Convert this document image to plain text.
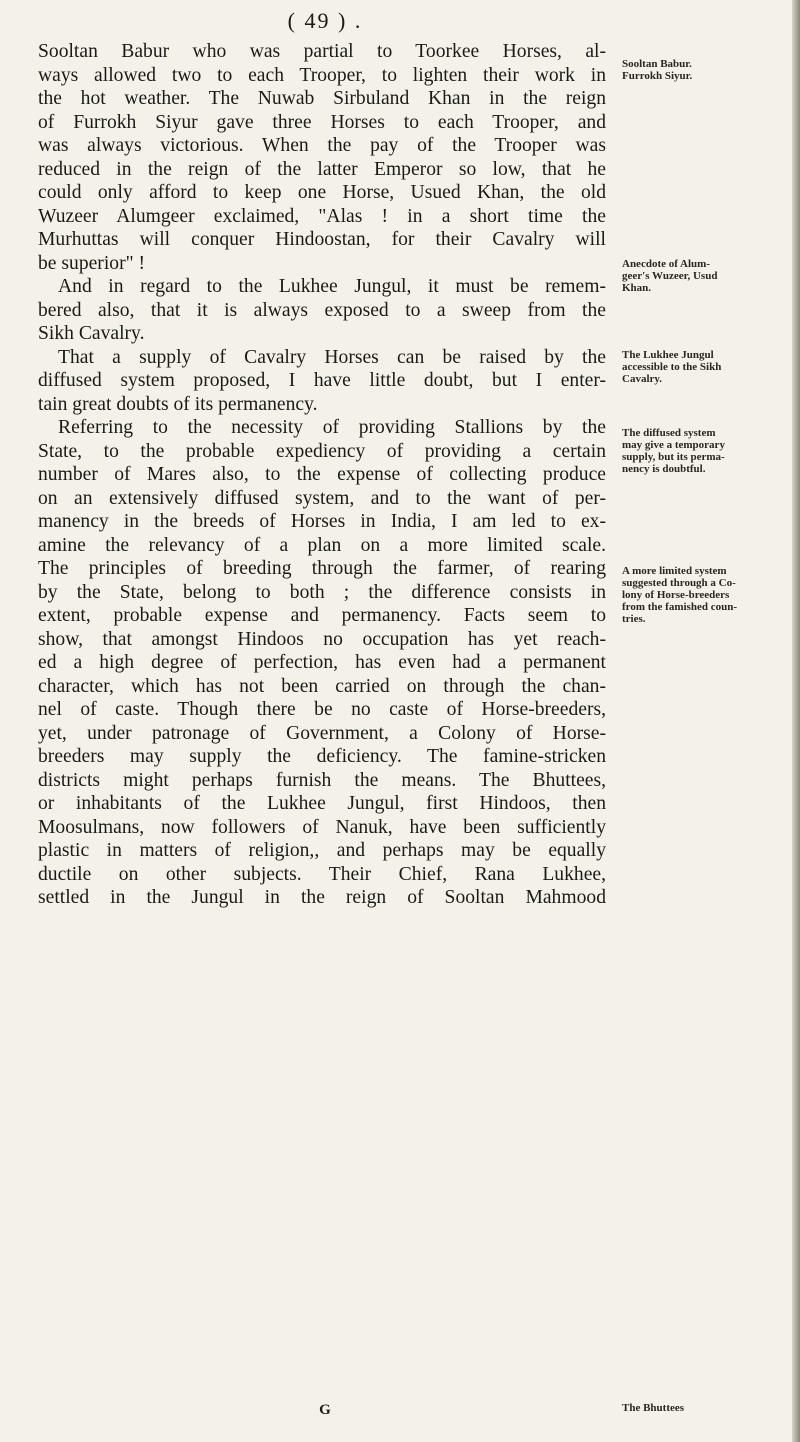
( 49 ) .
Sooltan Babur who was partial to Toorkee Horses, al-
ways allowed two to each Trooper, to lighten their work in
the hot weather. The Nuwab Sirbuland Khan in the reign
of Furrokh Siyur gave three Horses to each Trooper, and
was always victorious. When the pay of the Trooper was
reduced in the reign of the latter Emperor so low, that he
could only afford to keep one Horse, Usued Khan, the old
Wuzeer Alumgeer exclaimed, "Alas ! in a short time the
Murhuttas will conquer Hindoostan, for their Cavalry will
be superior" !
And in regard to the Lukhee Jungul, it must be remem-
bered also, that it is always exposed to a sweep from the
Sikh Cavalry.
That a supply of Cavalry Horses can be raised by the
diffused system proposed, I have little doubt, but I enter-
tain great doubts of its permanency.
Referring to the necessity of providing Stallions by the
State, to the probable expediency of providing a certain
number of Mares also, to the expense of collecting produce
on an extensively diffused system, and to the want of per-
manency in the breeds of Horses in India, I am led to ex-
amine the relevancy of a plan on a more limited scale.
The principles of breeding through the farmer, of rearing
by the State, belong to both ; the difference consists in
extent, probable expense and permanency. Facts seem to
show, that amongst Hindoos no occupation has yet reach-
ed a high degree of perfection, has even had a permanent
character, which has not been carried on through the chan-
nel of caste. Though there be no caste of Horse-breeders,
yet, under patronage of Government, a Colony of Horse-
breeders may supply the deficiency. The famine-stricken
districts might perhaps furnish the means. The Bhuttees,
or inhabitants of the Lukhee Jungul, first Hindoos, then
Moosulmans, now followers of Nanuk, have been sufficiently
plastic in matters of religion,, and perhaps may be equally
ductile on other subjects. Their Chief, Rana Lukhee,
settled in the Jungul in the reign of Sooltan Mahmood
G
Sooltan Babur.
Furrokh Siyur.
Anecdote of Alum-
geer's Wuzeer, Usud
Khan.
The Lukhee Jungul
accessible to the Sikh
Cavalry.
The diffused system
may give a temporary
supply, but its perma-
nency is doubtful.
A more limited system
suggested through a Co-
lony of Horse-breeders
from the famished coun-
tries.
The Bhuttees
